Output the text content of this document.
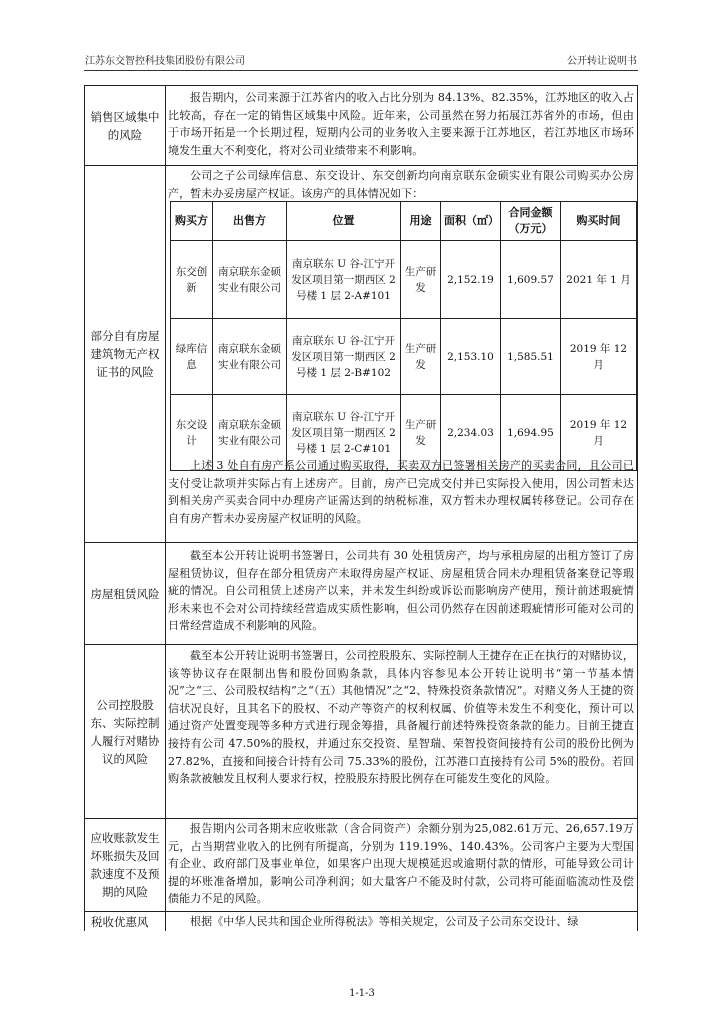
江苏东交智控科技集团股份有限公司	公开转让说明书
销售区域集中的风险
报告期内，公司来源于江苏省内的收入占比分别为 84.13%、82.35%，江苏地区的收入占比较高，存在一定的销售区域集中风险。近年来，公司虽然在努力拓展江苏省外的市场，但由于市场开拓是一个长期过程，短期内公司的业务收入主要来源于江苏地区，若江苏地区市场环境发生重大不利变化，将对公司业绩带来不利影响。
部分自有房屋建筑物无产权证书的风险
公司之子公司绿库信息、东交设计、东交创新均向南京联东金硕实业有限公司购买办公房产，暂未办妥房屋产权证。该房产的具体情况如下：
上述 3 处自有房产系公司通过购买取得，买卖双方已签署相关房产的买卖合同，且公司已支付受让款项并实际占有上述房产。目前，房产已完成交付并已实际投入使用，因公司暂未达到相关房产买卖合同中办理房产证需达到的纳税标准，双方暂未办理权属转移登记。公司存在自有房产暂未办妥房屋产权证明的风险。
购买方	出售方	位置	用途	面积（㎡）	合同金额（万元）	购买时间
东交创新	南京联东金硕实业有限公司	南京联东 U 谷-江宁开发区项目第一期西区 2 号楼 1 层 2-A#101	生产研发	2,152.19	1,609.57	2021 年 1 月
绿库信息	南京联东金硕实业有限公司	南京联东 U 谷-江宁开发区项目第一期西区 2 号楼 1 层 2-B#102	生产研发	2,153.10	1,585.51	2019 年 12 月
东交设计	南京联东金硕实业有限公司	南京联东 U 谷-江宁开发区项目第一期西区 2 号楼 1 层 2-C#101	生产研发	2,234.03	1,694.95	2019 年 12 月
房屋租赁风险
截至本公开转让说明书签署日，公司共有 30 处租赁房产，均与承租房屋的出租方签订了房屋租赁协议，但存在部分租赁房产未取得房屋产权证、房屋租赁合同未办理租赁备案登记等瑕疵的情况。自公司租赁上述房产以来，并未发生纠纷或诉讼而影响房产使用，预计前述瑕疵情形未来也不会对公司持续经营造成实质性影响，但公司仍然存在因前述瑕疵情形可能对公司的日常经营造成不利影响的风险。
公司控股股东、实际控制人履行对赌协议的风险
截至本公开转让说明书签署日，公司控股股东、实际控制人王捷存在正在执行的对赌协议，该等协议存在限制出售和股份回购条款，具体内容参见本公开转让说明书“第一节基本情况”之“三、公司股权结构”之“（五）其他情况”之“2、特殊投资条款情况”。对赌义务人王捷的资信状况良好，且其名下的股权、不动产等资产的权利权属、价值等未发生不利变化，预计可以通过资产处置变现等多种方式进行现金筹措，具备履行前述特殊投资条款的能力。目前王捷直接持有公司 47.50%的股权，并通过东交投资、星智瑞、荣智投资间接持有公司的股份比例为 27.82%，直接和间接合计持有公司 75.33%的股份，江苏港口直接持有公司 5%的股份。若回购条款被触发且权利人要求行权，控股股东持股比例存在可能发生变化的风险。
应收账款发生坏账损失及回款速度不及预期的风险
报告期内公司各期末应收账款（含合同资产）余额分别为25,082.61万元、26,657.19万元，占当期营业收入的比例有所提高，分别为 119.19%、140.43%。公司客户主要为大型国有企业、政府部门及事业单位，如果客户出现大规模延迟或逾期付款的情形，可能导致公司计提的坏账准备增加，影响公司净利润；如大量客户不能及时付款，公司将可能面临流动性及偿债能力不足的风险。
税收优惠风	根据《中华人民共和国企业所得税法》等相关规定，公司及子公司东交设计、绿
1-1-3
